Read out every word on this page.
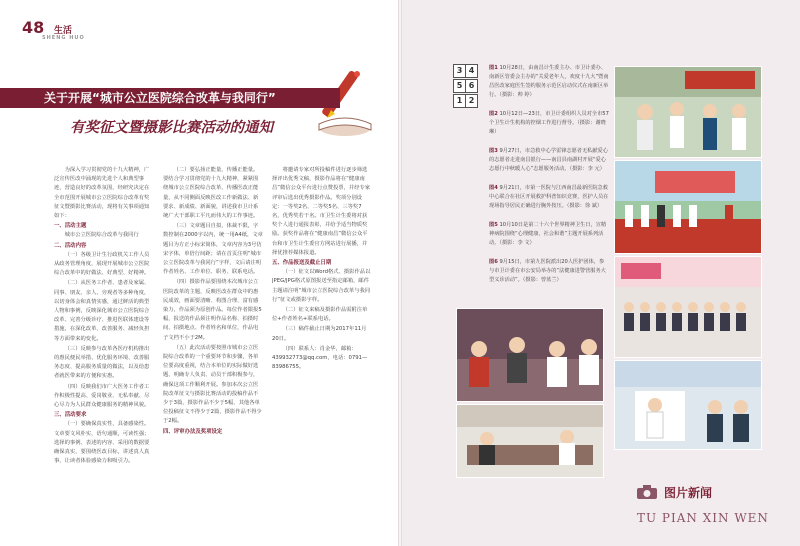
48 生活
SHENG HUO
关于开展“城市公立医院综合改革与我同行”
有奖征文暨摄影比赛活动的通知

为深入学习贯彻党的十九大精神，广泛宣传医改中涌现的先进个人和典型事迹，营造良好的改革氛围，经研究决定在全市范围开展城市公立医院综合改革有奖征文暨摄影比赛活动，现将有关事项通知如下：

一、活动主题

城市公立医院综合改革与我同行

二、活动内容

（一）各级卫计生行政机关工作人员从政务管理角度，展现开展城市公立医院综合改革中的好做法、好典型、好精神。

（二）从医务工作者、患者及家属、同事、朋友、亲人、旁观者等多种角度，以切身体会和真情实感，通过鲜活的典型人物和事例，反映深化城市公立医院综合改革、完善分级诊疗、推进医联体建设等措施，在深化改革、改善服务、减轻负担等方面带来的变化。

（三）反映参与改革各医疗机构推出的惠民便民举措、优化服务环境、改善服务态度、提高服务质量的做法，以及给患者就医带来的方便和实惠。

（四）反映我们市广大医务工作者工作积极性提高、爱岗敬业、无私奉献、尽心尽力为人民群众健康服务的精神风貌。

三、活动要求

（一）要确保真实性，具备感染性。文章要文风朴实，语句通顺，可读性强；选择的事例、表述的内容、采用的数据要确保真实，要围绕医改目标，讲述真人真事，让读者体验感染力和吸引力。

（二）要弘扬正能量，传播正能量。要结合学习贯彻党的十九大精神，紧紧围绕城市公立医院综合改革，传播医改正能量，从不同侧面反映医改工作新做法、新要求、新成绩、新面貌，讲述我市卫计系统广大干部职工平凡而伟大的工作事迹。

（三）文章题目自拟，体裁不限，字数控制在2000字以内，统一用A4纸，文章题目为方正小标宋简体，文章内容为3号仿宋字体，单倍行间距；请在首页注明“城市公立医院改革与我同行”字样，文后请注明作者姓名、工作单位、职务、联系电话。

（四）摄影作品要围绕本次城市公立医院改革的主题，反映医改在群众中的惠民成效，画面要清晰、构图合理、富有感染力，作品须为原创作品。每位作者限报5幅，报送的作品须注明作品名称、拍摄时间、拍摄地点、作者姓名和单位，作品电子文档不小于2M。

（五）此次活动要按照市城市公立医院综合改革的一个重要环节和步骤，各单位要高度重视，结合本单位的实际做好选题、明确专人负责、动员干部积极参与，确保这项工作顺利开展。参加本次公立医院改革征文与摄影比赛活动的投稿作品不少于3篇，摄影作品不少于5幅，其他各单位投稿征文不得少于2篇，摄影作品不得少于2幅。

四、评审办法及奖项设定

将邀请专家对所投稿件进行逐步筛选择评出优秀文稿，摄影作品将在“健康南昌”微信公众平台进行点赞投票，并经专家评审后选出优秀摄影作品。奖项分别设定：一等奖2名、二等奖5名、三等奖7名，优秀奖若干名。市卫生计生委将对获奖个人进行通报表彰，并给予适当物质奖励。获奖作品将在“健康南昌”微信公众平台和市卫生计生委官方网站进行展播，并择优推荐媒体报道。

五、作品报送及截止日期

（一）征文以Word格式、摄影作品以JPEG/JPG格式原图报送至指定邮箱，邮件主题请注明“城市公立医院综合改革与我同行”征文或摄影字样。

（二）征文来稿及摄影作品需附注单位+作者姓名+联系电话。

（三）稿件截止日期为2017年11月20日。

（四）联系人：肖金华，邮箱：439932773@qq.com，电话：0791—83986755。

3 4
5 6
1 2

图1 10月28日，由南昌计生委主办、市卫计委办、南新区管委会主办的“关爱老年人，欢度十九大”暨南昌医改家庭医生签约服务示范区启动仪式在南新区举行。（摄影：帅 婷）

图2 10月12日—23日，市卫计委组织人员对全市57个卫生计生机构的控烟工作进行督导。（摄影：谢晓琳）

图3 9月27日，市急救中心学雷锋志愿者无私献爱心的志愿者走进南昌银行——南昌县南湖村开展“爱心志愿行中秋暖人心”志愿服务活动。（摄影：李 元）

图4 9月21日，市第一医院与江西南昌最新医院急救中心联合在社区开展救护科普知识竞赛，医护人员在现场指导居民正确进行胸外按压。（摄影：徐 斌）

图5 10月10日是第二十六个世界精神卫生日，宣精神病院围绕“心理健康，社会和谐”主题开展系列活动。（摄影：李 文）

图6 9月15日，市第九医院派出20人医护团体，参与市卫计委在市公安局举办的“法健康进警营服务大型义诊活动”。（摄影：曾蓝兰）

图片新闻
TU PIAN XIN WEN
